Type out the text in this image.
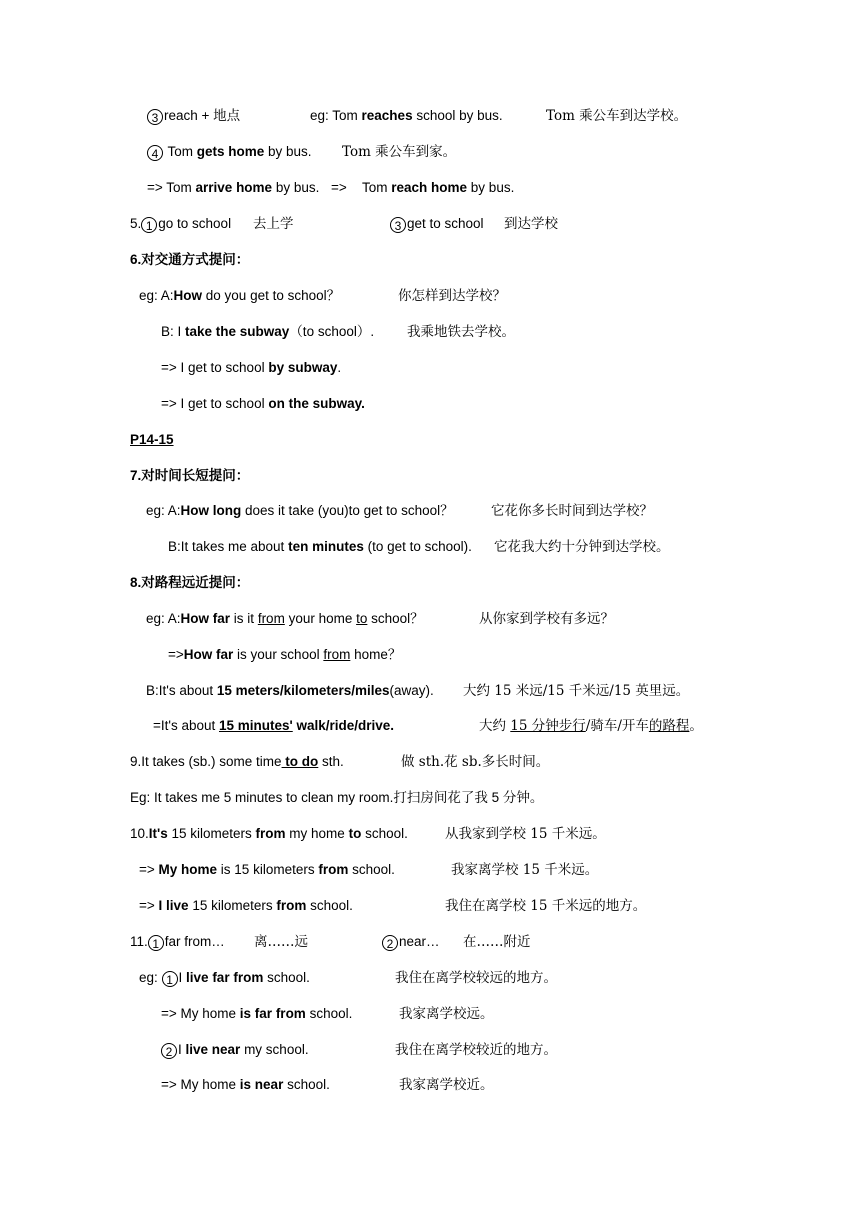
3 reach + 地点	eg: Tom reaches school by bus.	Tom 乘公车到达学校。
4 Tom gets home by bus. Tom 乘公车到家。
=> Tom arrive home by bus. => Tom reach home by bus.
5. 1 go to school 去上学	3 get to school 到达学校
6.对交通方式提问：
eg: A:How do you get to school？	你怎样到达学校？
B: I take the subway（to school）. 我乘地铁去学校。
=> I get to school by subway.
=> I get to school on the subway.
P14-15
7.对时间长短提问：
eg: A:How long does it take (you)to get to school？	它花你多长时间到达学校？
B:It takes me about ten minutes (to get to school). 它花我大约十分钟到达学校。
8.对路程远近提问：
eg: A:How far is it from your home to school？	从你家到学校有多远？
=>How far is your school from home？
B:It's about 15 meters/kilometers/miles(away). 大约 15 米远/15 千米远/15 英里远。
=It's about 15 minutes' walk/ride/drive.	大约 15 分钟步行/骑车/开车的路程。
9.It takes (sb.) some time to do sth.	做 sth.花 sb.多长时间。
Eg: It takes me 5 minutes to clean my room.打扫房间花了我 5 分钟。
10.It's 15 kilometers from my home to school.	从我家到学校 15 千米远。
=> My home is 15 kilometers from school.	我家离学校 15 千米远。
=> I live 15 kilometers from school.	我住在离学校 15 千米远的地方。
11. 1 far from… 离……远	2 near… 在……附近
eg: 1 I live far from school.	我住在离学校较远的地方。
=> My home is far from school.	我家离学校远。
2 I live near my school.	我住在离学校较近的地方。
=> My home is near school.	我家离学校近。
